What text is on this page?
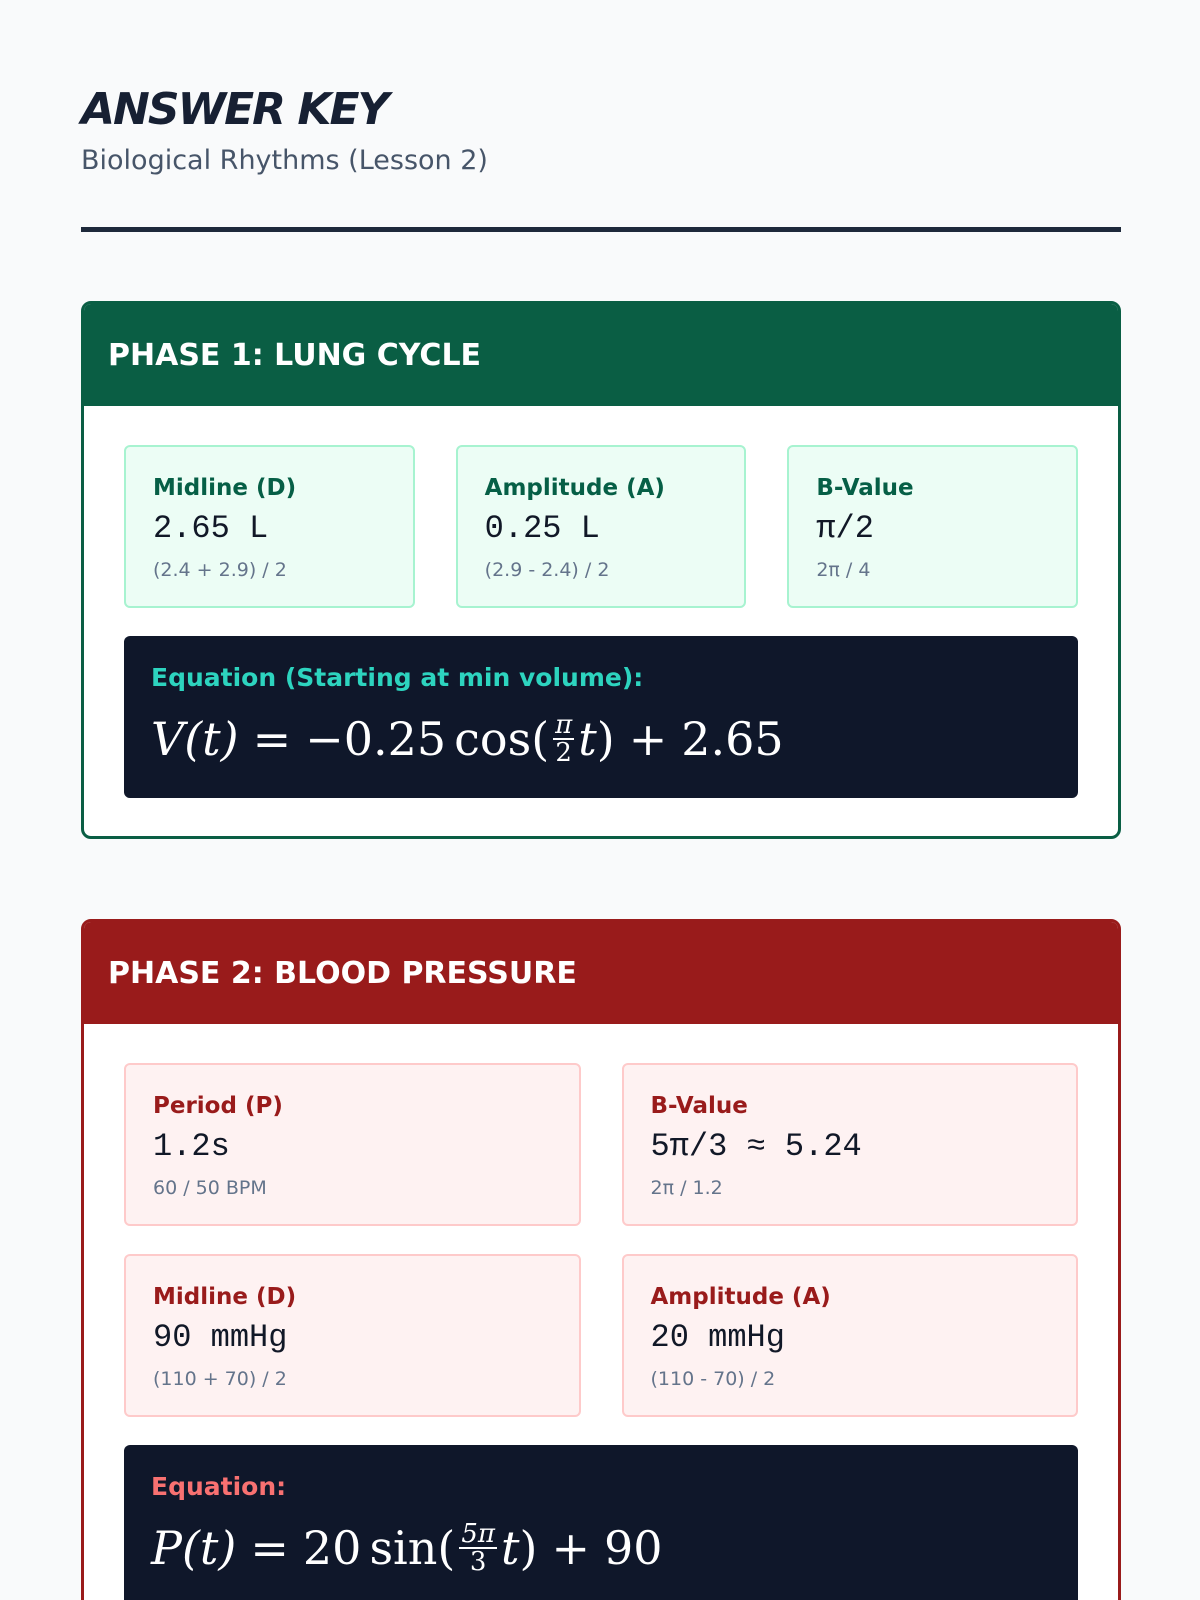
ANSWER KEY
Biological Rhythms (Lesson 2)
PHASE 1: LUNG CYCLE
Midline (D)
2.65 L
(2.4 + 2.9) / 2
Amplitude (A)
0.25 L
(2.9 - 2.4) / 2
B-Value
π/2
2π / 4
Equation (Starting at min volume):
V(t) = −0.25 cos ( $\frac{\pi}{2}$ t ) + 2.65
PHASE 2: BLOOD PRESSURE
Period (P)
1.2s
60 / 50 BPM
B-Value
5π/3 ≈ 5.24
2π / 1.2
Midline (D)
90 mmHg
(110 + 70) / 2
Amplitude (A)
20 mmHg
(110 - 70) / 2
Equation:
P(t) = 20 sin ( $\frac{5\pi}{3}$ t ) + 90
